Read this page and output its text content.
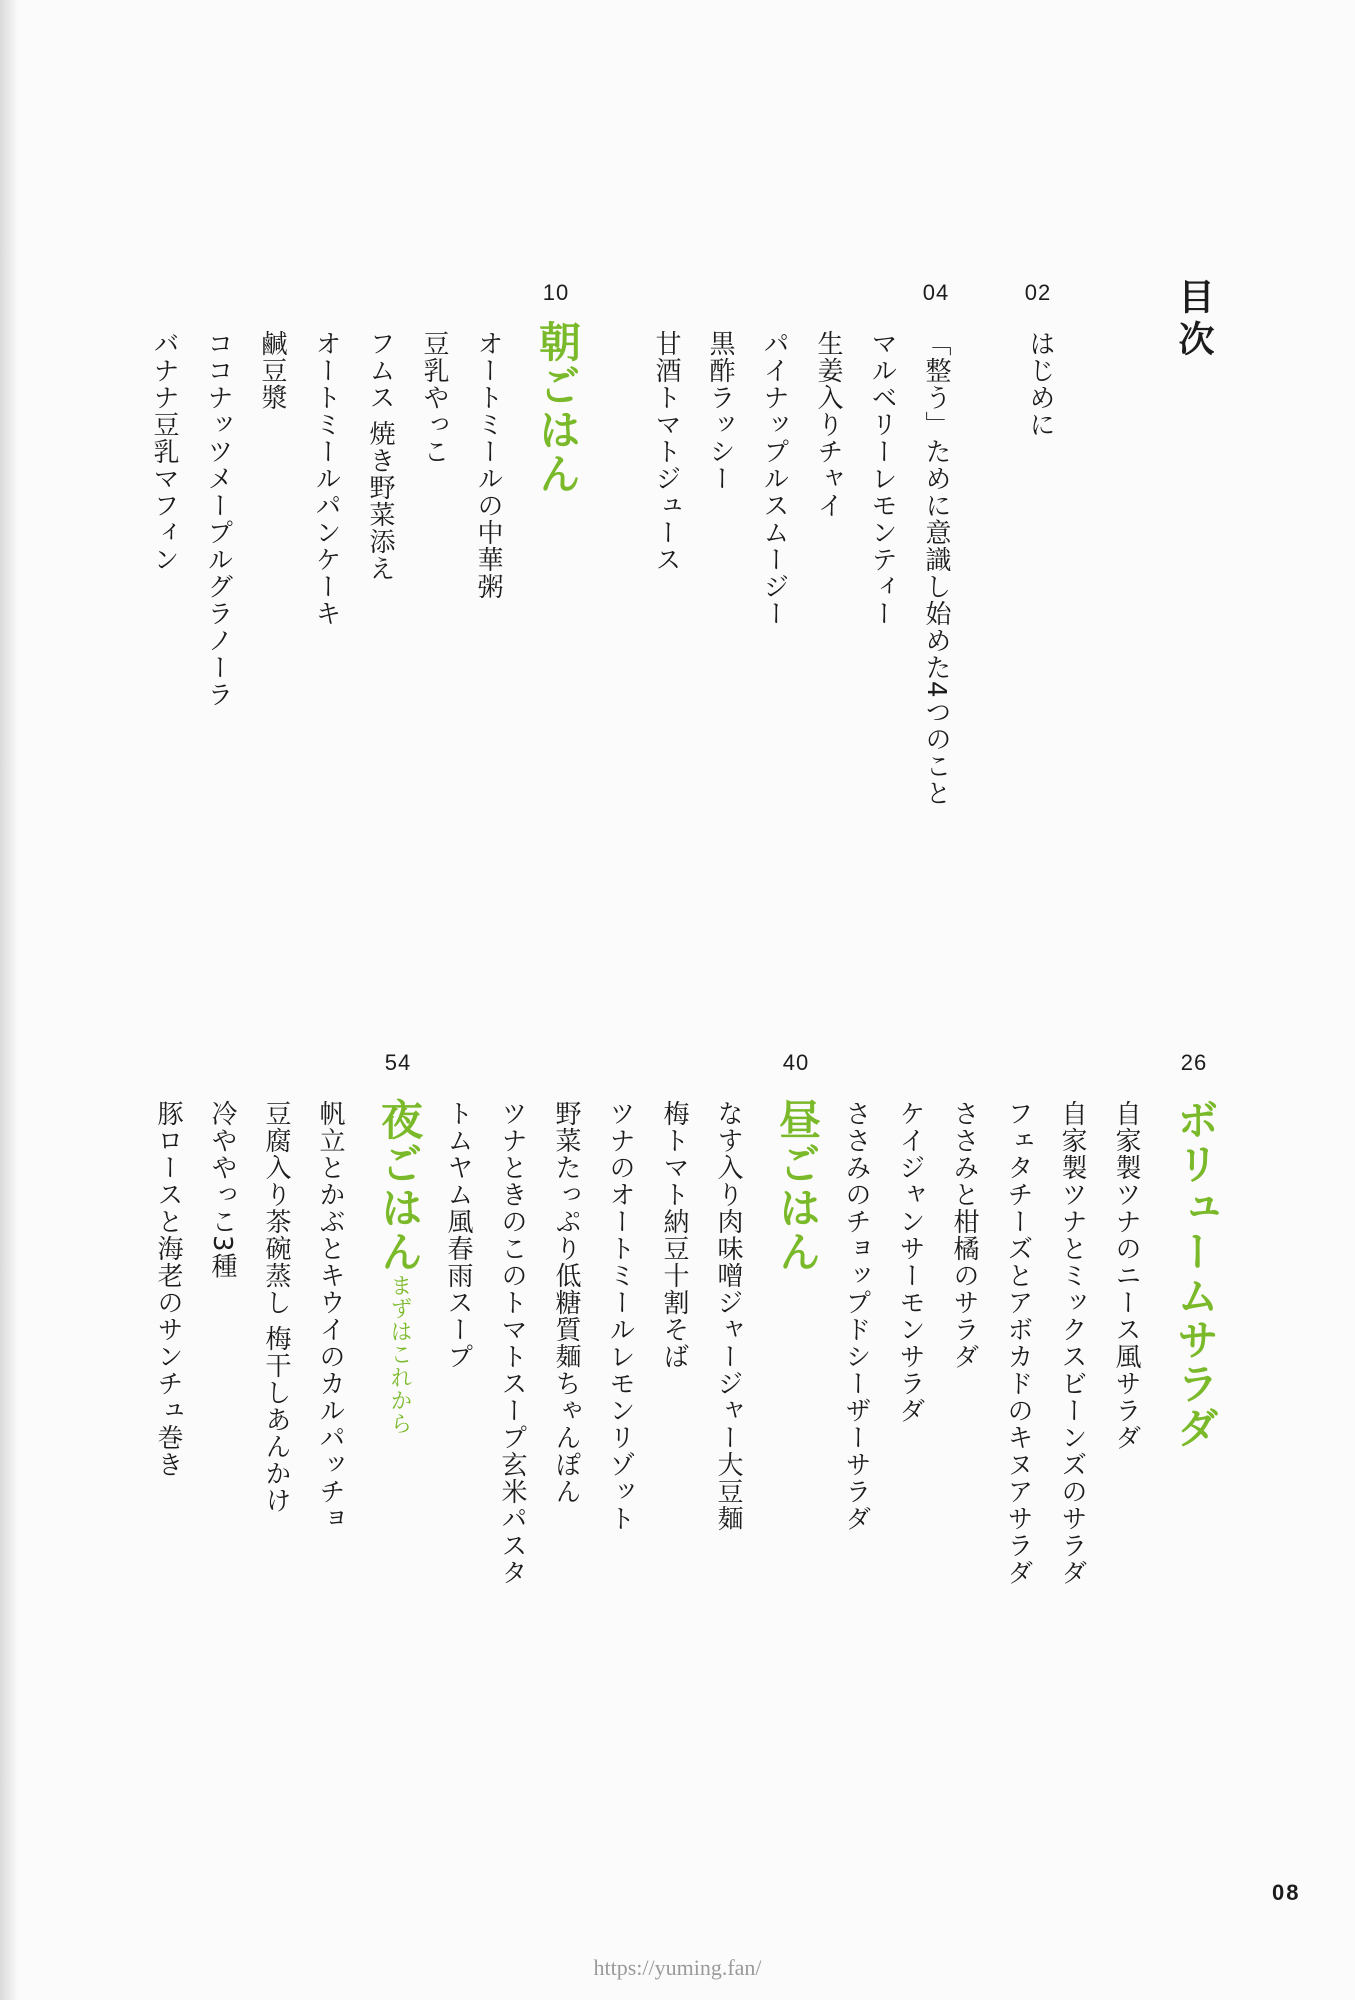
目次
02
はじめに
04
「整う」ために意識し始めた4つのこと
マルベリーレモンティー
生姜入りチャイ
パイナップルスムージー
黒酢ラッシー
甘酒トマトジュース
10
朝ごはん
オートミールの中華粥
豆乳やっこ
フムス 焼き野菜添え
オートミールパンケーキ
鹹豆漿
ココナッツメープルグラノーラ
バナナ豆乳マフィン
26
ボリュームサラダ
自家製ツナのニース風サラダ
自家製ツナとミックスビーンズのサラダ
フェタチーズとアボカドのキヌアサラダ
ささみと柑橘のサラダ
ケイジャンサーモンサラダ
ささみのチョップドシーザーサラダ
40
昼ごはん
なす入り肉味噌ジャージャー大豆麺
梅トマト納豆十割そば
ツナのオートミールレモンリゾット
野菜たっぷり低糖質麺ちゃんぽん
ツナときのこのトマトスープ玄米パスタ
トムヤム風春雨スープ
54
夜ごはんまずはこれから
帆立とかぶとキウイのカルパッチョ
豆腐入り茶碗蒸し 梅干しあんかけ
冷ややっこ3種
豚ロースと海老のサンチュ巻き
08
https://yuming.fan/
